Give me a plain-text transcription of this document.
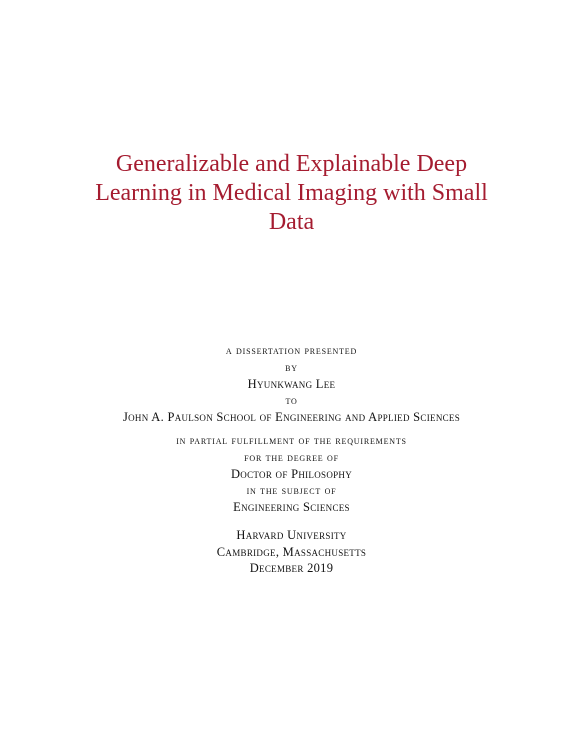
Generalizable and Explainable Deep Learning in Medical Imaging with Small Data
a dissertation presented
by
Hyunkwang Lee
to
John A. Paulson School of Engineering and Applied Sciences
in partial fulfillment of the requirements
for the degree of
Doctor of Philosophy
in the subject of
Engineering Sciences
Harvard University
Cambridge, Massachusetts
December 2019
